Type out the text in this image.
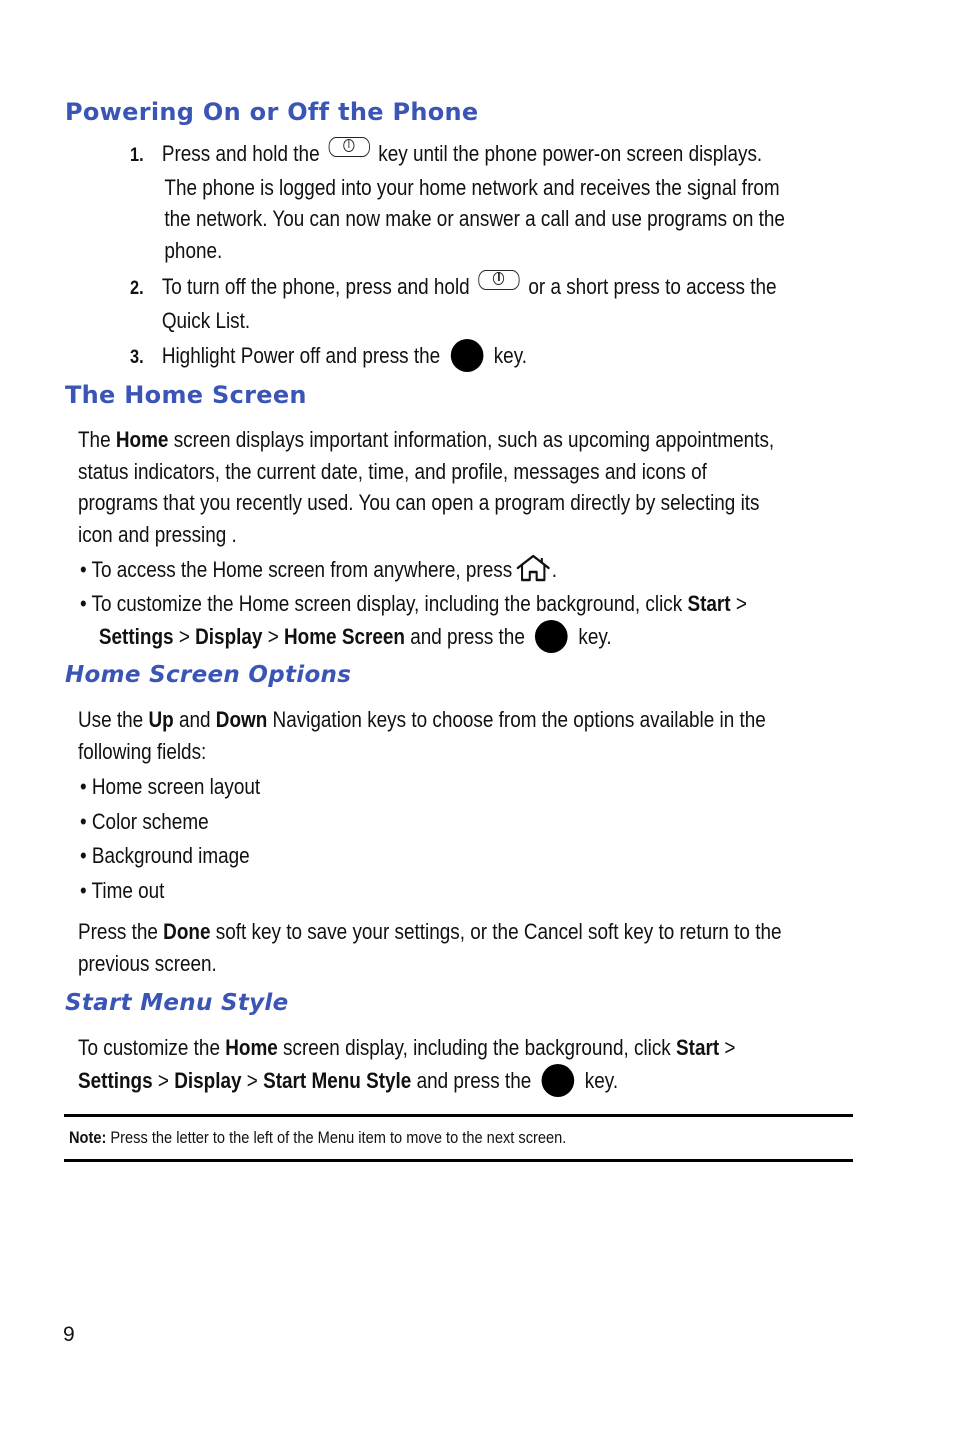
Powering On or Off the Phone
1. Press and hold the	key until the phone power-on screen displays.
The phone is logged into your home network and receives the signal from
the network. You can now make or answer a call and use programs on the
phone.
2. To turn off the phone, press and hold	or a short press to access the
Quick List.
3. Highlight Power off and press the key.
The Home Screen
The Home screen displays important information, such as upcoming appointments,
status indicators, the current date, time, and profile, messages and icons of
programs that you recently used. You can open a program directly by selecting its
icon and pressing .
• To access the Home screen from anywhere, press .
• To customize the Home screen display, including the background, click Start >
Settings > Display > Home Screen and press the key.
Home Screen Options
Use the Up and Down Navigation keys to choose from the options available in the
following fields:
• Home screen layout
• Color scheme
• Background image
• Time out
Press the Done soft key to save your settings, or the Cancel soft key to return to the
previous screen.
Start Menu Style
To customize the Home screen display, including the background, click Start >
Settings > Display > Start Menu Style and press the key.
Note: Press the letter to the left of the Menu item to move to the next screen.
9
